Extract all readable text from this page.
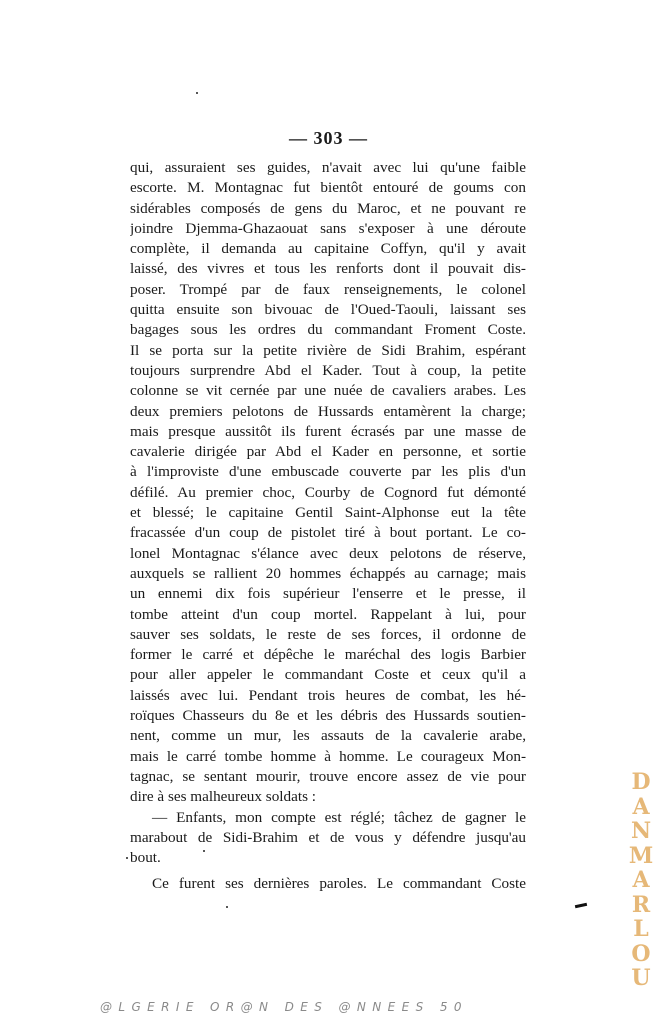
— 303 —
qui, assuraient ses guides, n'avait avec lui qu'une faible
escorte. M. Montagnac fut bientôt entouré de goums con
sidérables composés de gens du Maroc, et ne pouvant re
joindre Djemma-Ghazaouat sans s'exposer à une déroute
complète, il demanda au capitaine Coffyn, qu'il y avait
laissé, des vivres et tous les renforts dont il pouvait dis-
poser. Trompé par de faux renseignements, le colonel
quitta ensuite son bivouac de l'Oued-Taouli, laissant ses
bagages sous les ordres du commandant Froment Coste.
Il se porta sur la petite rivière de Sidi Brahim, espérant
toujours surprendre Abd el Kader. Tout à coup, la petite
colonne se vit cernée par une nuée de cavaliers arabes. Les
deux premiers pelotons de Hussards entamèrent la charge;
mais presque aussitôt ils furent écrasés par une masse de
cavalerie dirigée par Abd el Kader en personne, et sortie
à l'improviste d'une embuscade couverte par les plis d'un
défilé. Au premier choc, Courby de Cognord fut démonté
et blessé; le capitaine Gentil Saint-Alphonse eut la tête
fracassée d'un coup de pistolet tiré à bout portant. Le co-
lonel Montagnac s'élance avec deux pelotons de réserve,
auxquels se rallient 20 hommes échappés au carnage; mais
un ennemi dix fois supérieur l'enserre et le presse, il
tombe atteint d'un coup mortel. Rappelant à lui, pour
sauver ses soldats, le reste de ses forces, il ordonne de
former le carré et dépêche le maréchal des logis Barbier
pour aller appeler le commandant Coste et ceux qu'il a
laissés avec lui. Pendant trois heures de combat, les hé-
roïques Chasseurs du 8e et les débris des Hussards soutien-
nent, comme un mur, les assauts de la cavalerie arabe,
mais le carré tombe homme à homme. Le courageux Mon-
tagnac, se sentant mourir, trouve encore assez de vie pour
dire à ses malheureux soldats :
— Enfants, mon compte est réglé; tâchez de gagner le
marabout de Sidi-Brahim et de vous y défendre jusqu'au
bout.
Ce furent ses dernières paroles. Le commandant Coste
D
A
N
M
A
R
L
O
U
@LGERIE OR@N DES @NNEES 50
